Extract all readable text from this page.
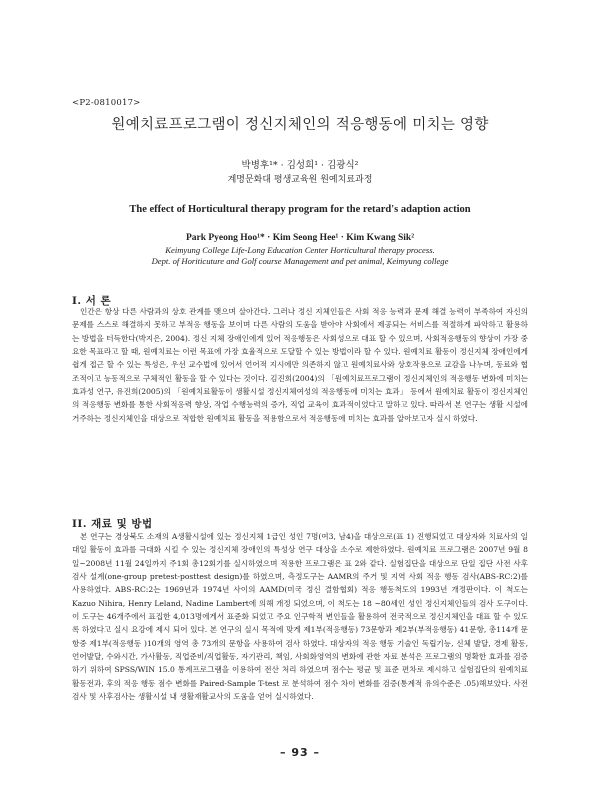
<P2-0810017>
원예치료프로그램이 정신지체인의 적응행동에 미치는 영향
박병후¹* · 김성희¹ · 김광식²
계명문화대 평생교육원 원예치료과정
The effect of Horticultural therapy program for the retard's adaption action
Park Pyeong Hoo¹* · Kim Seong Hee¹ · Kim Kwang Sik²
Keimyung College Life-Long Education Center Horticultural therapy process.
Dept. of Horiticuture and Golf course Management and pet animal, Keimyung college
I. 서 론

인간은 항상 다른 사람과의 상호 관계를 맺으며 살아간다. 그러나 정신 지체인들은 사회 적응 능력과 문제 해결 능력이 부족하여 자신의 문제를 스스로 해결하지 못하고 부적응 행동을 보이며 다른 사람의 도움을 받아야 사회에서 제공되는 서비스를 적절하게 파악하고 활용하는 방법을 터득한다(박지은, 2004). 정신 지체 장애인에게 있어 적응행동은 사회성으로 대표 할 수 있으며, 사회적응행동의 향상이 가장 중요한 목표라고 할 때, 원예치료는 이런 목표에 가장 효율적으로 도달할 수 있는 방법이라 할 수 있다. 원예치료 활동이 정신지체 장애인에게 쉽게 접근 할 수 있는 특성은, 우선 교수법에 있어서 언어적 지시에만 의존하지 않고 원예치료사와 상호작용으로 교감을 나누며, 동료와 협조적이고 능동적으로 구체적인 활동을 할 수 있다는 것이다. 김진희(2004)의 「원예치료프로그램이 정신지체인의 적응행동 변화에 미치는 효과성 연구, 유진희(2005)의 「원예치료활동이 생활시설 정신지체여성의 적응행동에 미치는 효과」 등에서 원예치료 활동이 정신지체인의 적응행동 변화를 통한 사회적응력 향상, 작업 수행능력의 증가, 직업 교육이 효과적이었다고 말하고 있다. 따라서 본 연구는 생활 시설에 거주하는 정신지체인을 대상으로 적합한 원예치료 활동을 적용함으로서 적응행동에 미치는 효과를 알아보고자 실시 하였다.

II. 재료 및 방법

본 연구는 경상북도 소재의 A생활시설에 있는 정신지체 1급인 성인 7명(여3, 남4)을 대상으로(표 1) 진행되었고 대상자와 치료사의 일대일 활동이 효과를 극대화 시킬 수 있는 정신지체 장애인의 특성상 연구 대상을 소수로 제한하였다. 원예치료 프로그램은 2007년 9월 8일~2008년 11월 24일까지 주1회 총12회기를 실시하였으며 적용한 프로그램은 표 2와 같다. 실험집단을 대상으로 단일 집단 사전 사후 검사 설계(one-group pretest-posttest design)를 하였으며, 측정도구는 AAMR의 주거 및 지역 사회 적응 행동 검사(ABS-RC:2)를 사용하였다. ABS-RC:2는 1969년과 1974년 사이의 AAMD(미국 정신 결함협회) 적응 행동척도의 1993년 개정판이다. 이 척도는 Kazuo Nihira, Henry Leland, Nadine Lambert에 의해 개정 되었으며, 이 척도는 18 ~80세인 성인 정신지체인들의 검사 도구이다. 이 도구는 46개주에서 표집한 4,013명에게서 표준화 되었고 주요 인구학적 변인들을 활용하여 전국적으로 정신지체인을 대표 할 수 있도록 하였다고 실시 요강에 제시 되어 있다. 본 연구의 실시 목적에 맞게 제1부(적응행동) 73문항과 제2부(부적응행동) 41문항, 총114개 문항중 제1부(적응행동 )10개의 영역 총 73개의 문항을 사용하여 검사 하였다. 대상자의 적응 행동 기술인 독립기능, 신체 발달, 경제 활동, 언어발달, 수와시간, 가사활동, 직업준비/직업활동, 자기관리, 책임, 사회화영역의 변화에 관한 자료 분석은 프로그램의 명확한 효과를 검증하기 위하여 SPSS/WIN 15.0 통계프로그램을 이용하여 전산 처리 하였으며 점수는 평균 및 표준 편차로 제시하고 실험집단의 원예치료 활동전과, 후의 적응 행동 점수 변화를 Paired-Sample T-test 로 분석하여 점수 차이 변화를 검증(통계적 유의수준은 .05)해보았다. 사전검사 및 사후검사는 생활시설 내 생활재활교사의 도움을 얻어 실시하였다.

– 93 –
